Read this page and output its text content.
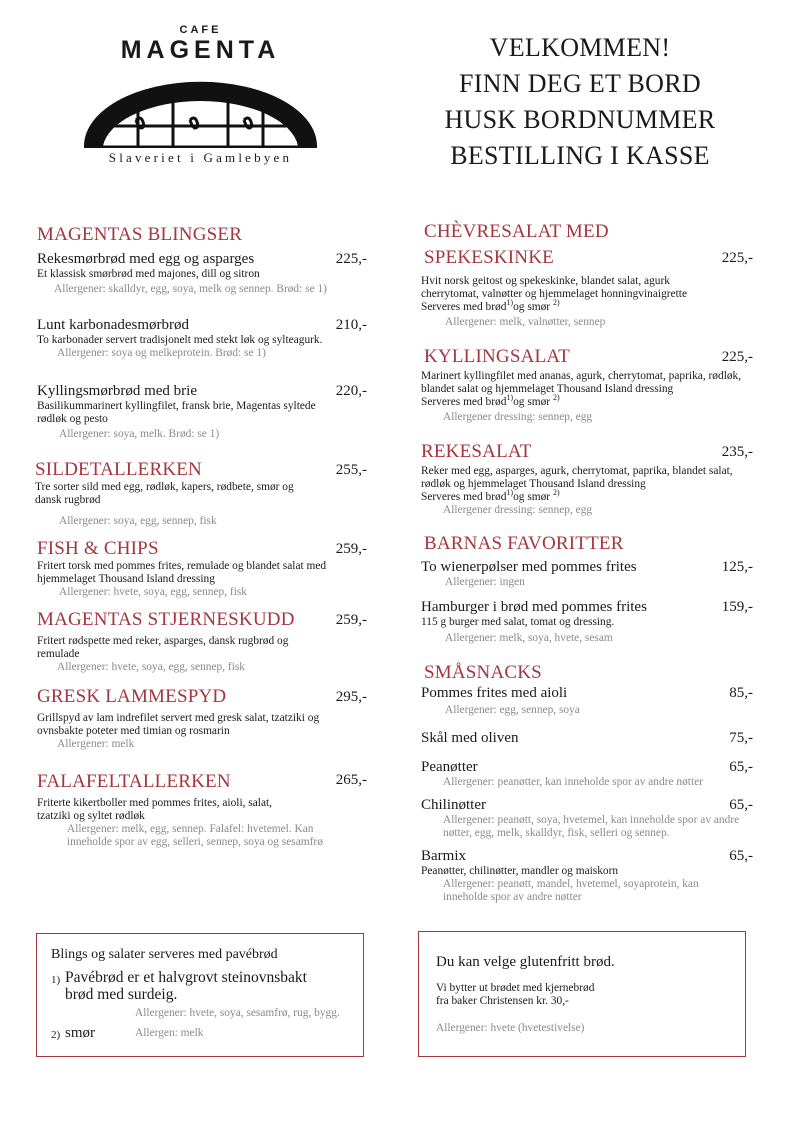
CAFE
MAGENTA
Slaveriet i Gamlebyen
VELKOMMEN!
FINN DEG ET BORD
HUSK BORDNUMMER
BESTILLING I KASSE
MAGENTAS BLINGSER
225,-
Rekesmørbrød med egg og asparges
Et klassisk smørbrød med majones, dill og sitron
Allergener: skalldyr, egg, soya, melk og sennep. Brød: se 1)
210,-
Lunt karbonadesmørbrød
To karbonader servert tradisjonelt med stekt løk og sylteagurk.
Allergener: soya og melkeprotein. Brød: se 1)
220,-
Kyllingsmørbrød med brie
Basilikummarinert kyllingfilet, fransk brie, Magentas syltede rødløk og pesto
Allergener: soya, melk. Brød: se 1)
255,-
SILDETALLERKEN
Tre sorter sild med egg, rødløk, kapers, rødbete, smør og dansk rugbrød
Allergener: soya, egg, sennep, fisk
259,-
FISH & CHIPS
Fritert torsk med pommes frites, remulade og blandet salat med hjemmelaget Thousand Island dressing
Allergener: hvete, soya, egg, sennep, fisk
259,-
MAGENTAS STJERNESKUDD
Fritert rødspette med reker, asparges, dansk rugbrød og remulade
Allergener: hvete, soya, egg, sennep, fisk
295,-
GRESK LAMMESPYD
Grillspyd av lam indrefilet servert med gresk salat, tzatziki og ovnsbakte poteter med timian og rosmarin
Allergener: melk
265,-
FALAFELTALLERKEN
Friterte kikertboller med pommes frites, aioli, salat, tzatziki og syltet rødløk
Allergener: melk, egg, sennep. Falafel: hvetemel. Kan inneholde spor av egg, selleri, sennep, soya og sesamfrø
CHÈVRESALAT MED
225,-
SPEKESKINKE
Hvit norsk geitost og spekeskinke, blandet salat, agurk cherrytomat, valnøtter og hjemmelaget honningvinaigrette
Serveres med brød$^{1)}$og smør $^{2)}$
Allergener: melk, valnøtter, sennep
225,-
KYLLINGSALAT
Marinert kyllingfilet med ananas, agurk, cherrytomat, paprika, rødløk, blandet salat og hjemmelaget Thousand Island dressing
Serveres med brød$^{1)}$og smør $^{2)}$
Allergener dressing: sennep, egg
235,-
REKESALAT
Reker med egg, asparges, agurk, cherrytomat, paprika, blandet salat, rødløk og hjemmelaget Thousand Island dressing
Serveres med brød$^{1)}$og smør $^{2)}$
Allergener dressing: sennep, egg
BARNAS FAVORITTER
125,-
To wienerpølser med pommes frites
Allergener: ingen
159,-
Hamburger i brød med pommes frites
115 g burger med salat, tomat og dressing.
Allergener: melk, soya, hvete, sesam
SMÅSNACKS
85,-
Pommes frites med aioli
Allergener: egg, sennep, soya
75,-
Skål med oliven
65,-
Peanøtter
Allergener: peanøtter, kan inneholde spor av andre nøtter
65,-
Chilinøtter
Allergener: peanøtt, soya, hvetemel, kan inneholde spor av andre nøtter, egg, melk, skalldyr, fisk, selleri og sennep.
65,-
Barmix
Peanøtter, chilinøtter, mandler og maiskorn
Allergener: peanøtt, mandel, hvetemel, soyaprotein, kan inneholde spor av andre nøtter
Blings og salater serveres med pavébrød
1) Pavébrød er et halvgrovt steinovnsbakt
brød med surdeig.
Allergener: hvete, soya, sesamfrø, rug, bygg.
2) smør	Allergen: melk
Du kan velge glutenfritt brød.
Vi bytter ut brødet med kjernebrød
fra baker Christensen kr. 30,-
Allergener: hvete (hvetestivelse)
